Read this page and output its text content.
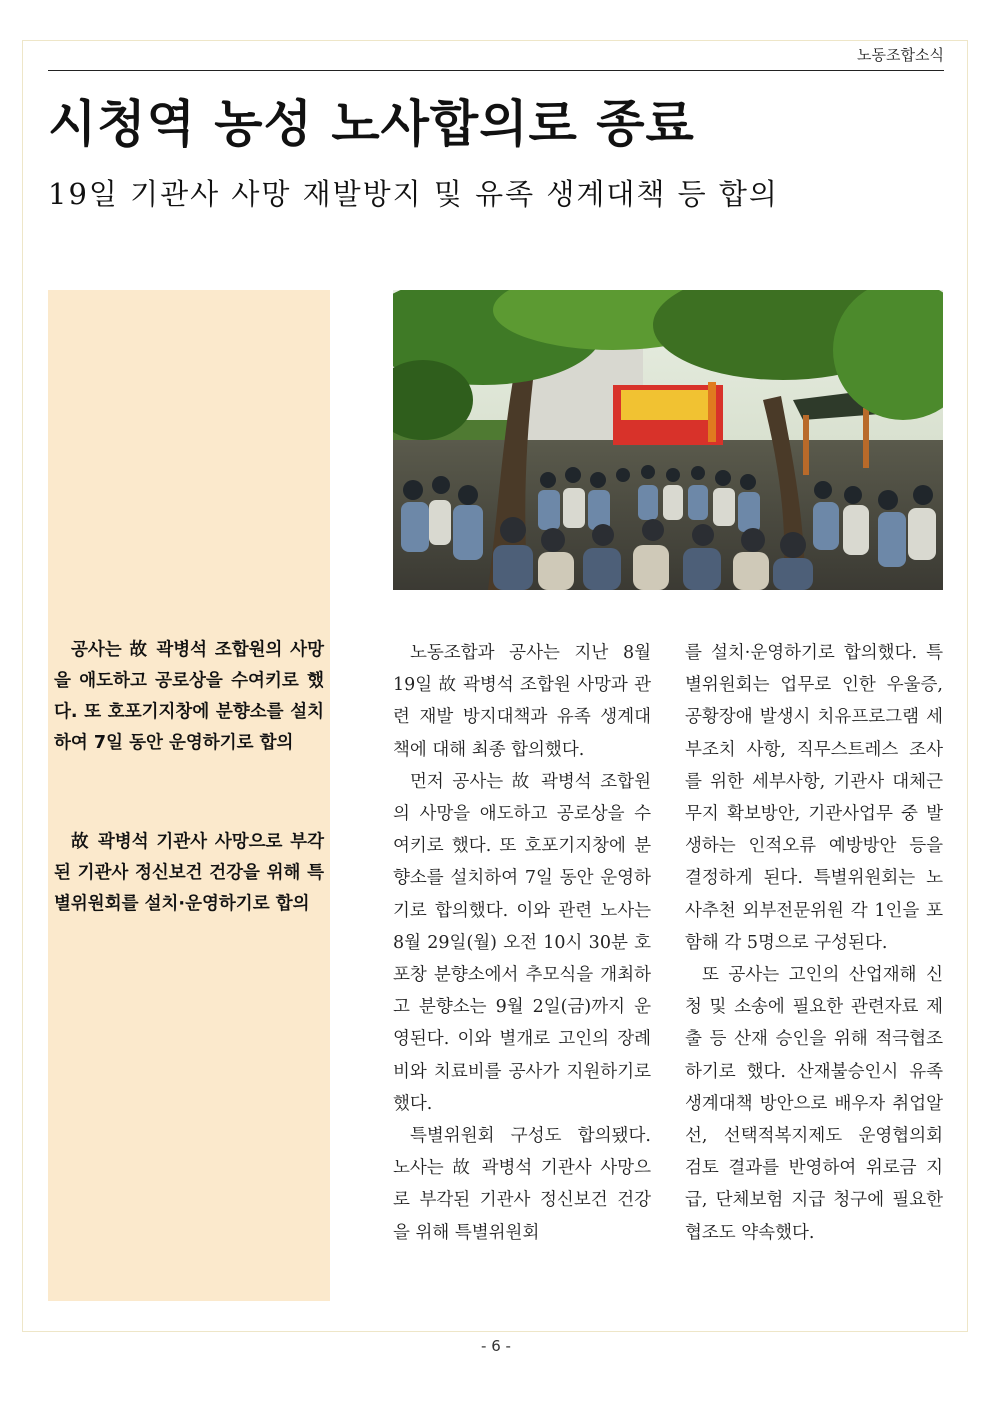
노동조합소식
시청역 농성 노사합의로 종료
19일 기관사 사망 재발방지 및 유족 생계대책 등 합의

공사는 故 곽병석 조합원의 사망을 애도하고 공로상을 수여키로 했다. 또 호포기지창에 분향소를 설치하여 7일 동안 운영하기로 합의

故 곽병석 기관사 사망으로 부각된 기관사 정신보건 건강을 위해 특별위원회를 설치·운영하기로 합의

노동조합과 공사는 지난 8월 19일 故 곽병석 조합원 사망과 관련 재발 방지대책과 유족 생계대책에 대해 최종 합의했다.

먼저 공사는 故 곽병석 조합원의 사망을 애도하고 공로상을 수여키로 했다. 또 호포기지창에 분향소를 설치하여 7일 동안 운영하기로 합의했다. 이와 관련 노사는 8월 29일(월) 오전 10시 30분 호포창 분향소에서 추모식을 개최하고 분향소는 9월 2일(금)까지 운영된다. 이와 별개로 고인의 장례비와 치료비를 공사가 지원하기로 했다.

특별위원회 구성도 합의됐다. 노사는 故 곽병석 기관사 사망으로 부각된 기관사 정신보건 건강을 위해 특별위원회

를 설치·운영하기로 합의했다. 특별위원회는 업무로 인한 우울증, 공황장애 발생시 치유프로그램 세부조치 사항, 직무스트레스 조사를 위한 세부사항, 기관사 대체근무지 확보방안, 기관사업무 중 발생하는 인적오류 예방방안 등을 결정하게 된다. 특별위원회는 노사추천 외부전문위원 각 1인을 포함해 각 5명으로 구성된다.

또 공사는 고인의 산업재해 신청 및 소송에 필요한 관련자료 제출 등 산재 승인을 위해 적극협조하기로 했다. 산재불승인시 유족 생계대책 방안으로 배우자 취업알선, 선택적복지제도 운영협의회 검토 결과를 반영하여 위로금 지급, 단체보험 지급 청구에 필요한 협조도 약속했다.

- 6 -
